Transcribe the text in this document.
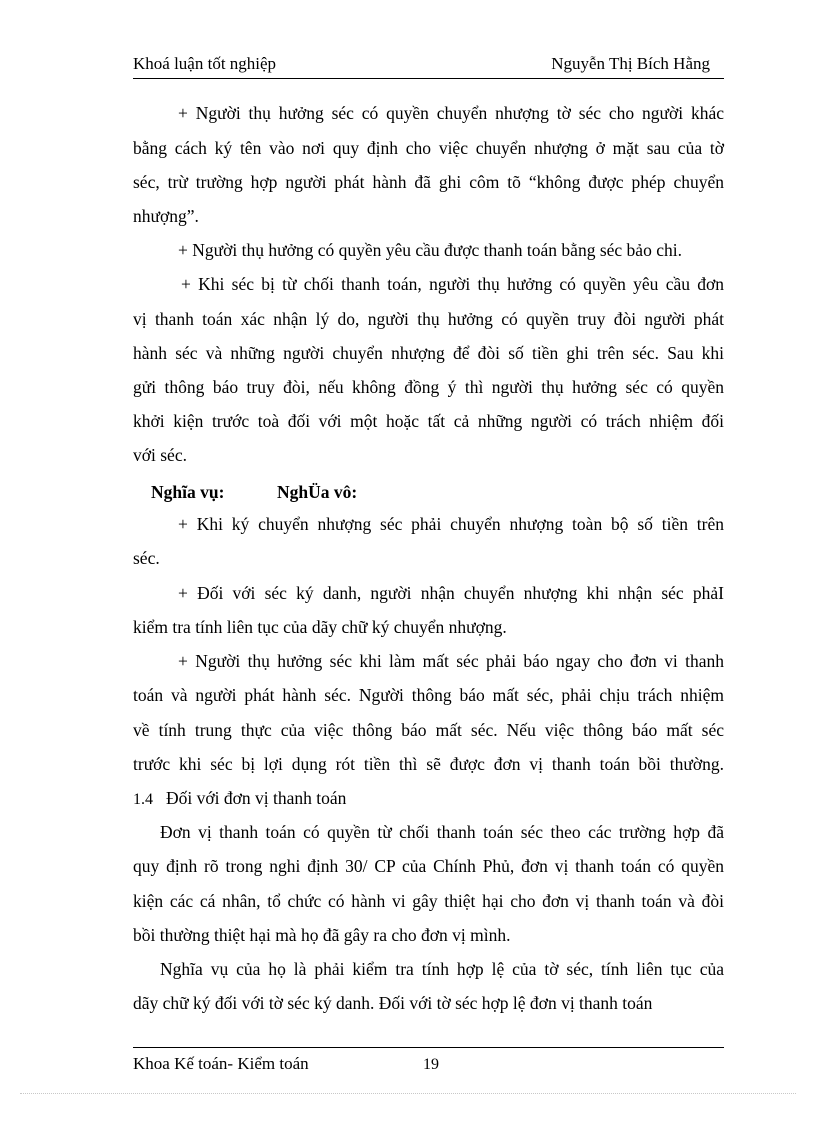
Khoá luận tốt nghiệp	Nguyễn Thị Bích Hằng
+ Người thụ hưởng séc có quyền chuyển nhượng tờ séc cho người khác
bằng cách ký tên vào nơi quy định cho việc chuyển nhượng ở mặt sau của tờ
séc, trừ trường hợp người phát hành đã ghi côm tõ “không được phép chuyển
nhượng”.
+ Người thụ hưởng có quyền yêu cầu được thanh toán bằng séc bảo chi.
+ Khi séc bị từ chối thanh toán, người thụ hưởng có quyền yêu cầu đơn
vị thanh toán xác nhận lý do, người thụ hưởng có quyền truy đòi người phát
hành séc và những người chuyển nhượng để đòi số tiền ghi trên séc. Sau khi
gửi thông báo truy đòi, nếu không đồng ý thì người thụ hưởng séc có quyền
khởi kiện trước toà đối với một hoặc tất cả những người có trách nhiệm đối
với séc.
Nghĩa vụ:	NghÜa vô:
+ Khi ký chuyển nhượng séc phải chuyển nhượng toàn bộ số tiền trên
séc.
+ Đối với séc ký danh, người nhận chuyển nhượng khi nhận séc phảI
kiểm tra tính liên tục của dãy chữ ký chuyển nhượng.
+ Người thụ hưởng séc khi làm mất séc phải báo ngay cho đơn vi thanh
toán và người phát hành séc. Người thông báo mất séc, phải chịu trách nhiệm
về tính trung thực của việc thông báo mất séc. Nếu việc thông báo mất séc
trước khi séc bị lợi dụng rót tiền thì sẽ được đơn vị thanh toán bồi thường.
1.4 Đối với đơn vị thanh toán
Đơn vị thanh toán có quyền từ chối thanh toán séc theo các trường hợp đã
quy định rõ trong nghi định 30/ CP của Chính Phủ, đơn vị thanh toán có quyền
kiện các cá nhân, tổ chức có hành vi gây thiệt hại cho đơn vị thanh toán và đòi
bồi thường thiệt hại mà họ đã gây ra cho đơn vị mình.
Nghĩa vụ của họ là phải kiểm tra tính hợp lệ của tờ séc, tính liên tục của
dãy chữ ký đối với tờ séc ký danh. Đối với tờ séc hợp lệ đơn vị thanh toán
Khoa Kế toán- Kiểm toán	19
